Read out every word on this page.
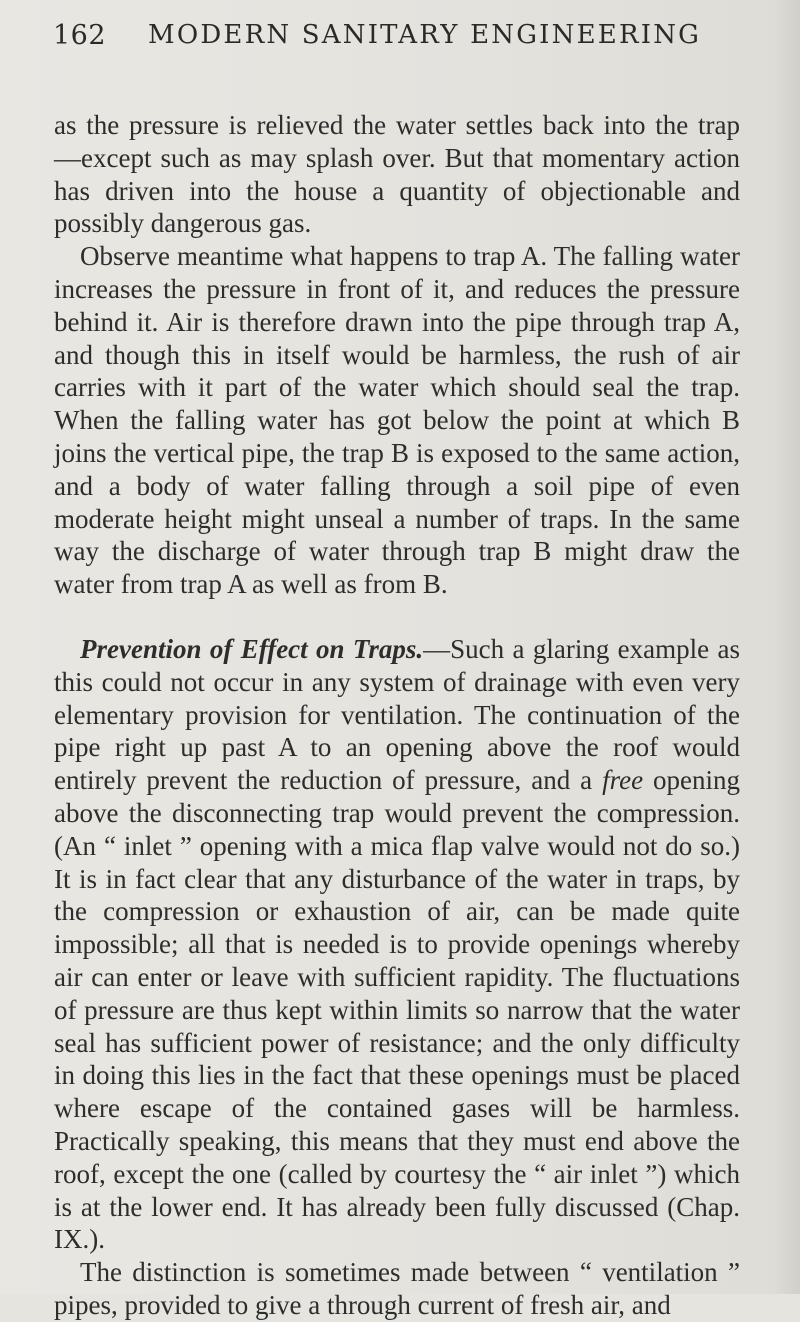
162 MODERN SANITARY ENGINEERING

as the pressure is relieved the water settles back into the trap —except such as may splash over. But that momentary action has driven into the house a quantity of objectionable and possibly dangerous gas.

Observe meantime what happens to trap A. The falling water increases the pressure in front of it, and reduces the pressure behind it. Air is therefore drawn into the pipe through trap A, and though this in itself would be harmless, the rush of air carries with it part of the water which should seal the trap. When the falling water has got below the point at which B joins the vertical pipe, the trap B is exposed to the same action, and a body of water falling through a soil pipe of even moderate height might unseal a number of traps. In the same way the discharge of water through trap B might draw the water from trap A as well as from B.

Prevention of Effect on Traps.—Such a glaring example as this could not occur in any system of drainage with even very elementary provision for ventilation. The continuation of the pipe right up past A to an opening above the roof would entirely prevent the reduction of pressure, and a free opening above the disconnecting trap would prevent the compression. (An “ inlet ” opening with a mica flap valve would not do so.) It is in fact clear that any disturbance of the water in traps, by the compression or exhaustion of air, can be made quite impossible; all that is needed is to provide openings whereby air can enter or leave with sufficient rapidity. The fluctuations of pressure are thus kept within limits so narrow that the water seal has sufficient power of resistance; and the only difficulty in doing this lies in the fact that these openings must be placed where escape of the contained gases will be harmless. Practically speaking, this means that they must end above the roof, except the one (called by courtesy the “ air inlet ”) which is at the lower end. It has already been fully discussed (Chap. IX.).

The distinction is sometimes made between “ ventilation ” pipes, provided to give a through current of fresh air, and
